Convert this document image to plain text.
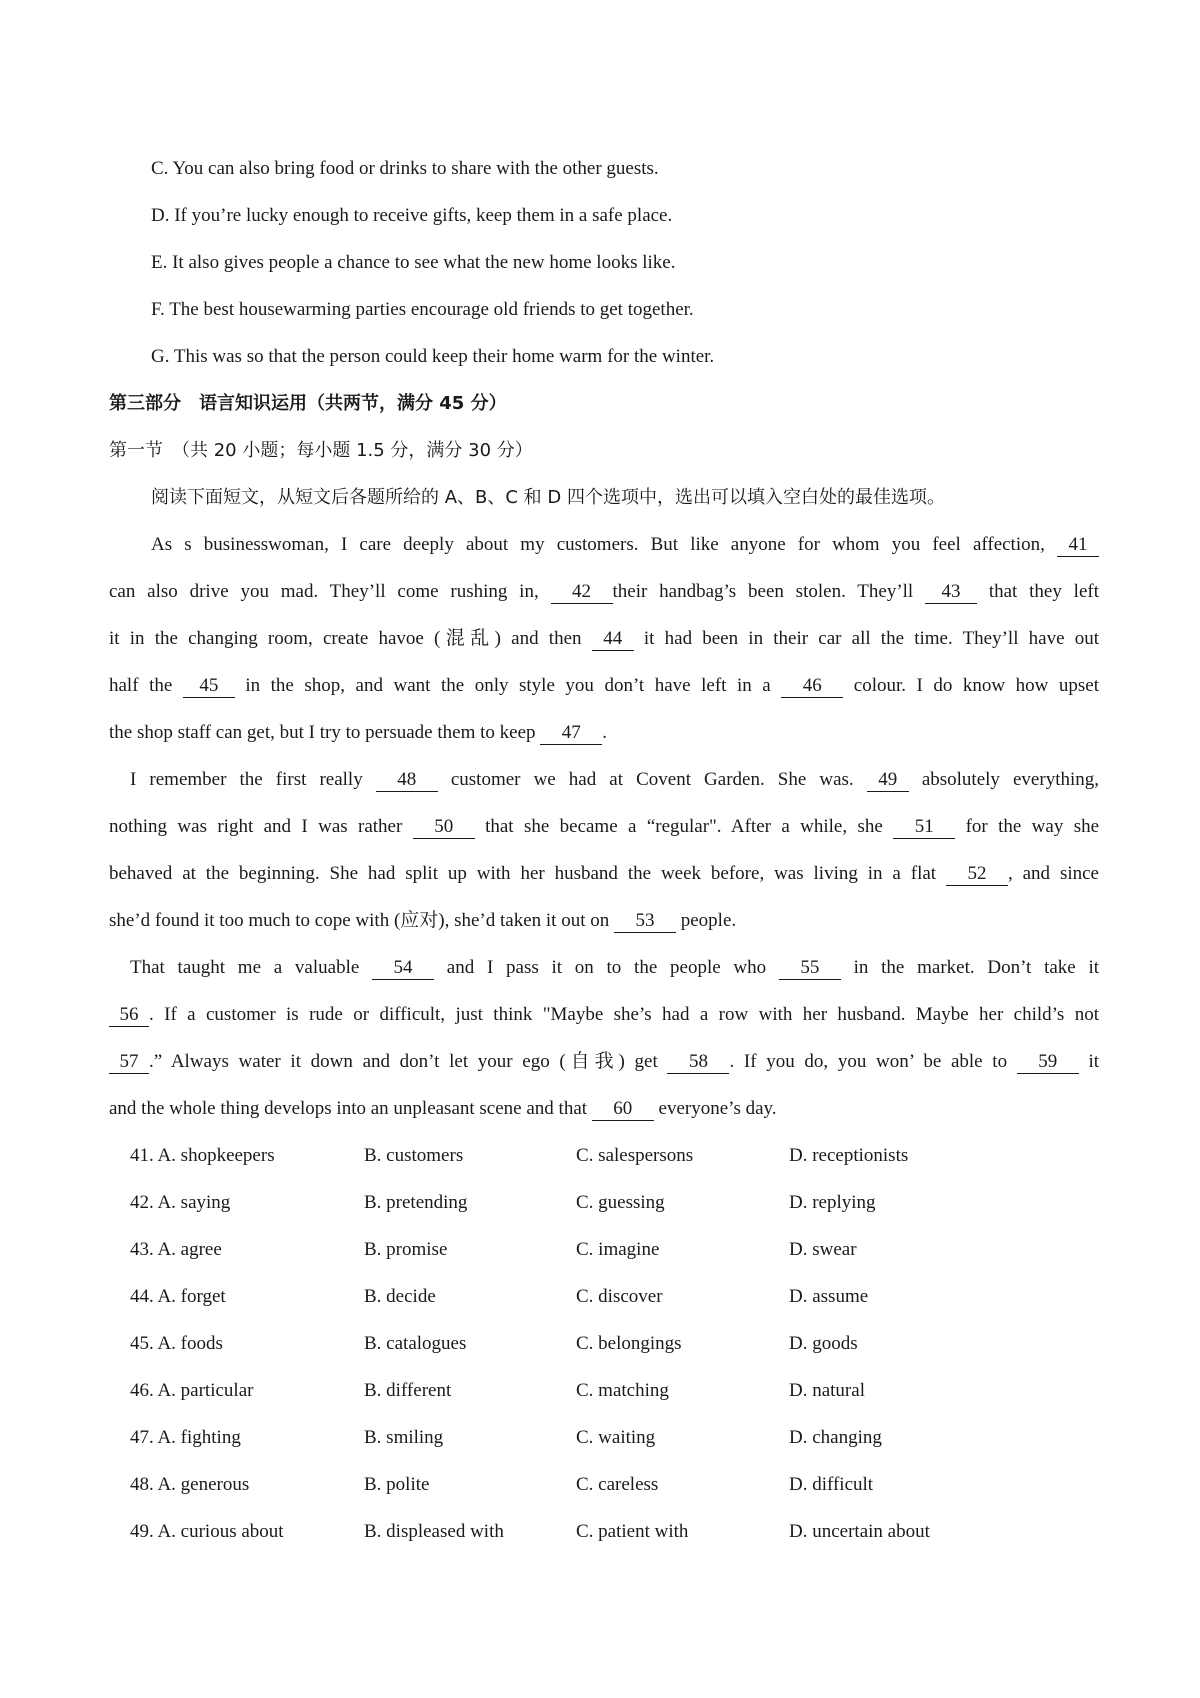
C. You can also bring food or drinks to share with the other guests.
D. If you’re lucky enough to receive gifts, keep them in a safe place.
E. It also gives people a chance to see what the new home looks like.
F. The best housewarming parties encourage old friends to get together.
G. This was so that the person could keep their home warm for the winter.
第三部分　语言知识运用（共两节，满分 45 分）
第一节　（共 20 小题；每小题 1.5 分，满分 30 分）
阅读下面短文，从短文后各题所给的 A、B、C 和 D 四个选项中，选出可以填入空白处的最佳选项。
As s businesswoman, I care deeply about my customers. But like anyone for whom you feel affection, 41
can also drive you mad. They’ll come rushing in, 42 their handbag’s been stolen. They’ll 43 that they left
it in the changing room, create havoe (混乱) and then 44 it had been in their car all the time. They’ll have out
half the 45 in the shop, and want the only style you don’t have left in a 46 colour. I do know how upset
the shop staff can get, but I try to persuade them to keep 47 .
I remember the first really 48 customer we had at Covent Garden. She was. 49 absolutely everything,
nothing was right and I was rather 50 that she became a “regular". After a while, she 51 for the way she
behaved at the beginning. She had split up with her husband the week before, was living in a flat 52 , and since
she’d found it too much to cope with (应对), she’d taken it out on 53 people.
That taught me a valuable 54 and I pass it on to the people who 55 in the market. Don’t take it
56 . If a customer is rude or difficult, just think "Maybe she’s had a row with her husband. Maybe her child’s not
57 .” Always water it down and don’t let your ego (自我) get 58 . If you do, you won’ be able to 59 it
and the whole thing develops into an unpleasant scene and that 60 everyone’s day.
41. A. shopkeepers	B. customers	C. salespersons	D. receptionists
42. A. saying	B. pretending	C. guessing	D. replying
43. A. agree	B. promise	C. imagine	D. swear
44. A. forget	B. decide	C. discover	D. assume
45. A. foods	B. catalogues	C. belongings	D. goods
46. A. particular	B. different	C. matching	D. natural
47. A. fighting	B. smiling	C. waiting	D. changing
48. A. generous	B. polite	C. careless	D. difficult
49. A. curious about	B. displeased with	C. patient with	D. uncertain about
